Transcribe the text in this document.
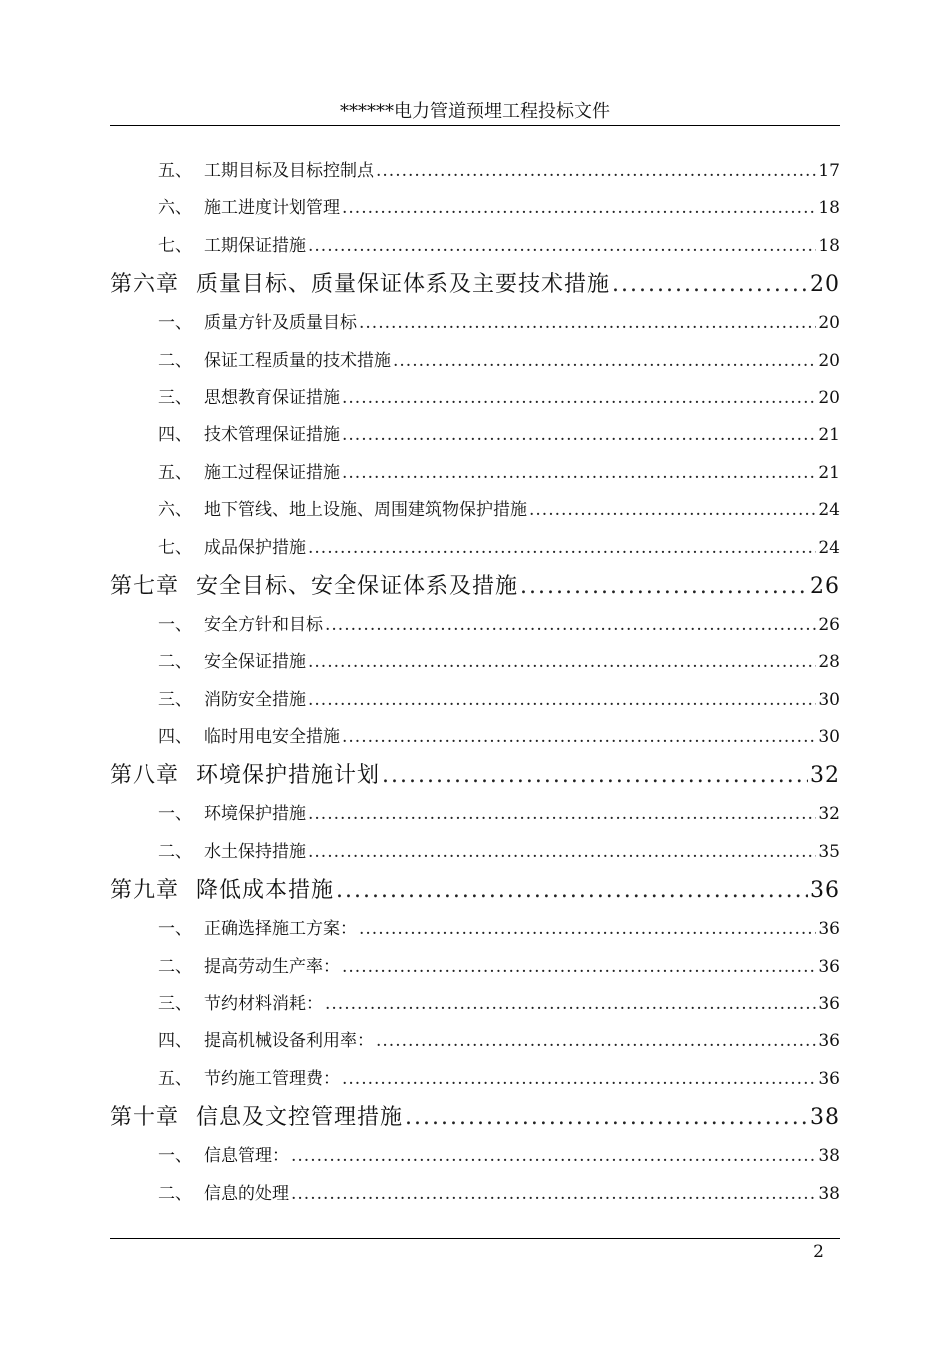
******电力管道预埋工程投标文件
五、 工期目标及目标控制点 .....	17
六、 施工进度计划管理 .....	18
七、 工期保证措施 .....	18
第六章 质量目标、质量保证体系及主要技术措施 .....	20
一、 质量方针及质量目标 .....	20
二、 保证工程质量的技术措施 .....	20
三、 思想教育保证措施 .....	20
四、 技术管理保证措施 .....	21
五、 施工过程保证措施 .....	21
六、 地下管线、地上设施、周围建筑物保护措施 .....	24
七、 成品保护措施 .....	24
第七章 安全目标、安全保证体系及措施 .....	26
一、 安全方针和目标 .....	26
二、 安全保证措施 .....	28
三、 消防安全措施 .....	30
四、 临时用电安全措施 .....	30
第八章 环境保护措施计划 .....	32
一、 环境保护措施 .....	32
二、 水土保持措施 .....	35
第九章 降低成本措施 .....	36
一、 正确选择施工方案： .....	36
二、 提高劳动生产率： .....	36
三、 节约材料消耗： .....	36
四、 提高机械设备利用率： .....	36
五、 节约施工管理费： .....	36
第十章 信息及文控管理措施 .....	38
一、 信息管理： .....	38
二、 信息的处理 .....	38
2
